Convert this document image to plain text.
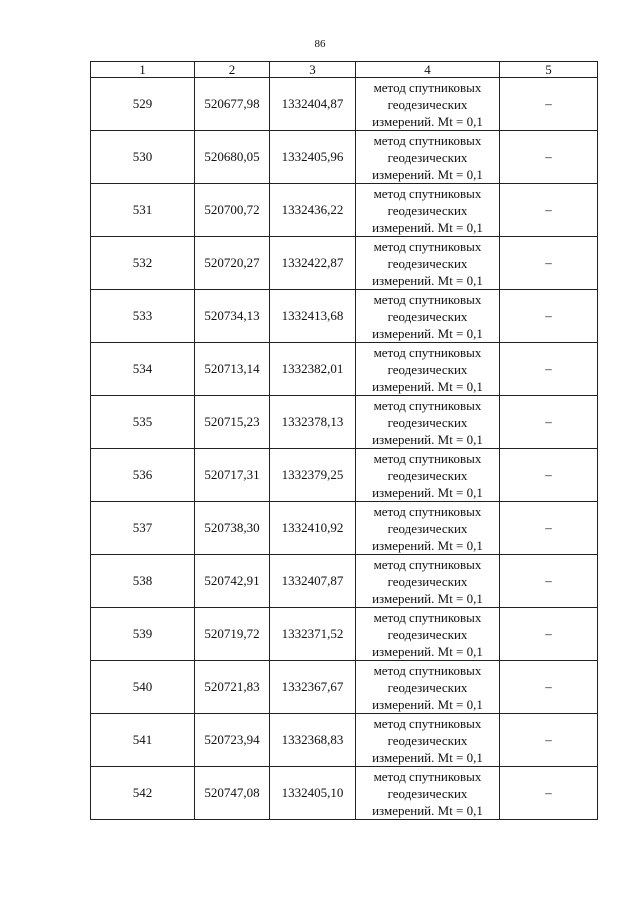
86
1	2	3	4	5
529	520677,98	1332404,87	метод спутниковых
геодезических
измерений. Mt = 0,1	–
530	520680,05	1332405,96	метод спутниковых
геодезических
измерений. Mt = 0,1	–
531	520700,72	1332436,22	метод спутниковых
геодезических
измерений. Mt = 0,1	–
532	520720,27	1332422,87	метод спутниковых
геодезических
измерений. Mt = 0,1	–
533	520734,13	1332413,68	метод спутниковых
геодезических
измерений. Mt = 0,1	–
534	520713,14	1332382,01	метод спутниковых
геодезических
измерений. Mt = 0,1	–
535	520715,23	1332378,13	метод спутниковых
геодезических
измерений. Mt = 0,1	–
536	520717,31	1332379,25	метод спутниковых
геодезических
измерений. Mt = 0,1	–
537	520738,30	1332410,92	метод спутниковых
геодезических
измерений. Mt = 0,1	–
538	520742,91	1332407,87	метод спутниковых
геодезических
измерений. Mt = 0,1	–
539	520719,72	1332371,52	метод спутниковых
геодезических
измерений. Mt = 0,1	–
540	520721,83	1332367,67	метод спутниковых
геодезических
измерений. Mt = 0,1	–
541	520723,94	1332368,83	метод спутниковых
геодезических
измерений. Mt = 0,1	–
542	520747,08	1332405,10	метод спутниковых
геодезических
измерений. Mt = 0,1	–
